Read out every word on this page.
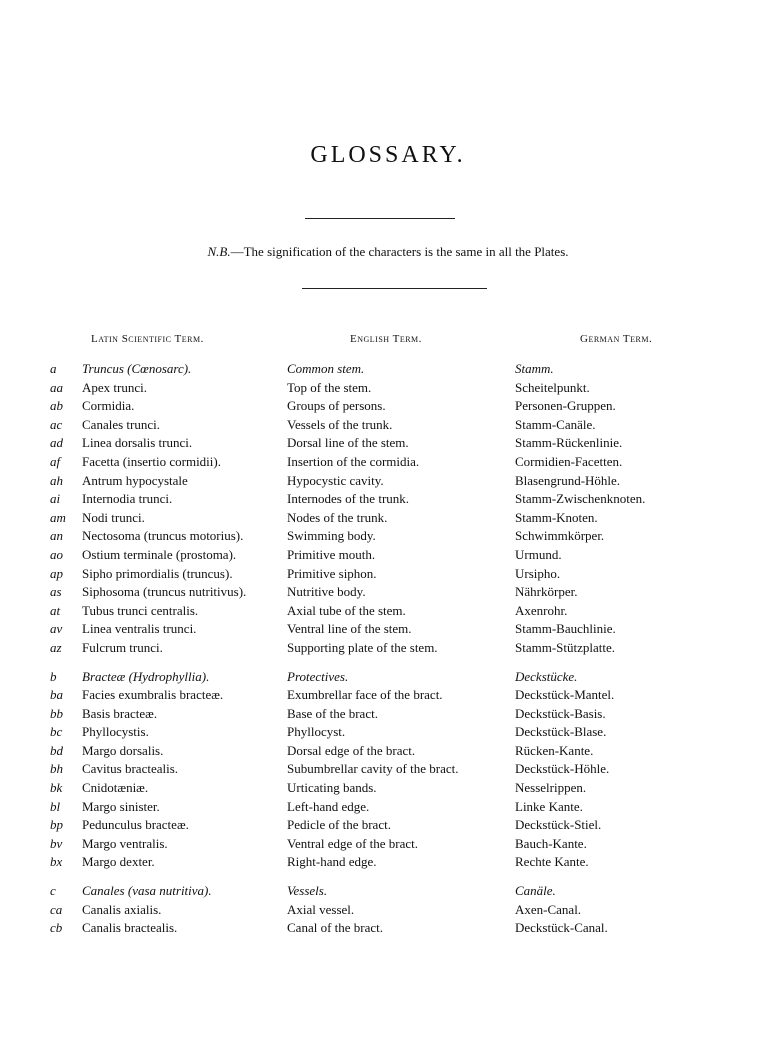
GLOSSARY.
N.B.—The signification of the characters is the same in all the Plates.
Latin Scientific Term.	English Term.	German Term.
a Truncus (Cœnosarc).	Common stem.	Stamm.
aa Apex trunci.	Top of the stem.	Scheitelpunkt.
ab Cormidia.	Groups of persons.	Personen-Gruppen.
ac Canales trunci.	Vessels of the trunk.	Stamm-Canäle.
ad Linea dorsalis trunci.	Dorsal line of the stem.	Stamm-Rückenlinie.
af Facetta (insertio cormidii).	Insertion of the cormidia.	Cormidien-Facetten.
ah Antrum hypocystale	Hypocystic cavity.	Blasengrund-Höhle.
ai Internodia trunci.	Internodes of the trunk.	Stamm-Zwischenknoten.
am Nodi trunci.	Nodes of the trunk.	Stamm-Knoten.
an Nectosoma (truncus motorius).	Swimming body.	Schwimmkörper.
ao Ostium terminale (prostoma).	Primitive mouth.	Urmund.
ap Sipho primordialis (truncus).	Primitive siphon.	Ursipho.
as Siphosoma (truncus nutritivus).	Nutritive body.	Nährkörper.
at Tubus trunci centralis.	Axial tube of the stem.	Axenrohr.
av Linea ventralis trunci.	Ventral line of the stem.	Stamm-Bauchlinie.
az Fulcrum trunci.	Supporting plate of the stem.	Stamm-Stützplatte.
b Bracteæ (Hydrophyllia).	Protectives.	Deckstücke.
ba Facies exumbralis bracteæ.	Exumbrellar face of the bract.	Deckstück-Mantel.
bb Basis bracteæ.	Base of the bract.	Deckstück-Basis.
bc Phyllocystis.	Phyllocyst.	Deckstück-Blase.
bd Margo dorsalis.	Dorsal edge of the bract.	Rücken-Kante.
bh Cavitus bractealis.	Subumbrellar cavity of the bract.	Deckstück-Höhle.
bk Cnidotæniæ.	Urticating bands.	Nesselrippen.
bl Margo sinister.	Left-hand edge.	Linke Kante.
bp Pedunculus bracteæ.	Pedicle of the bract.	Deckstück-Stiel.
bv Margo ventralis.	Ventral edge of the bract.	Bauch-Kante.
bx Margo dexter.	Right-hand edge.	Rechte Kante.
c Canales (vasa nutritiva).	Vessels.	Canäle.
ca Canalis axialis.	Axial vessel.	Axen-Canal.
cb Canalis bractealis.	Canal of the bract.	Deckstück-Canal.
